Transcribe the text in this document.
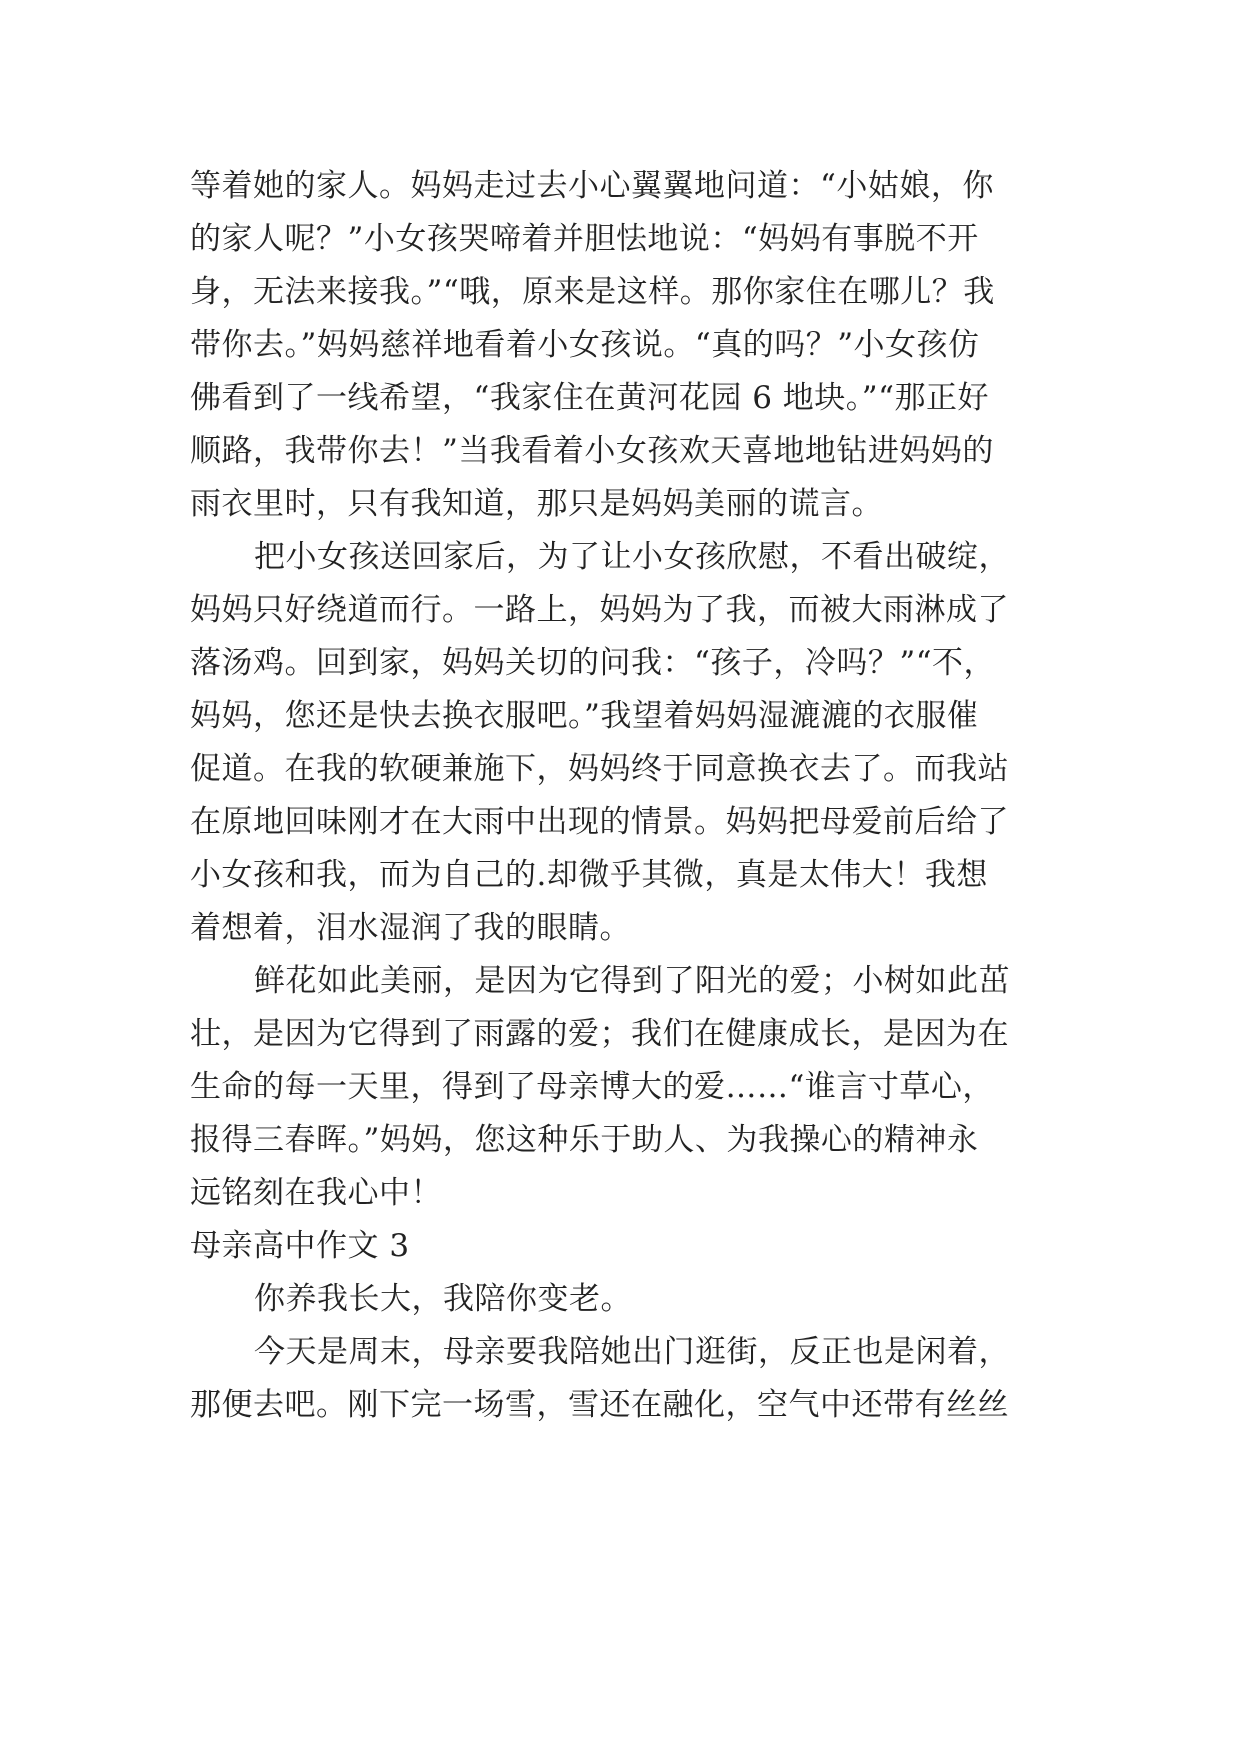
等着她的家人。妈妈走过去小心翼翼地问道：“小姑娘，你
的家人呢？”小女孩哭啼着并胆怯地说：“妈妈有事脱不开
身，无法来接我。”“哦，原来是这样。那你家住在哪儿？我
带你去。”妈妈慈祥地看着小女孩说。“真的吗？”小女孩仿
佛看到了一线希望，“我家住在黄河花园 6 地块。”“那正好
顺路，我带你去！”当我看着小女孩欢天喜地地钻进妈妈的
雨衣里时，只有我知道，那只是妈妈美丽的谎言。
把小女孩送回家后，为了让小女孩欣慰，不看出破绽，
妈妈只好绕道而行。一路上，妈妈为了我，而被大雨淋成了
落汤鸡。回到家，妈妈关切的问我：“孩子，冷吗？”“不，
妈妈，您还是快去换衣服吧。”我望着妈妈湿漉漉的衣服催
促道。在我的软硬兼施下，妈妈终于同意换衣去了。而我站
在原地回味刚才在大雨中出现的情景。妈妈把母爱前后给了
小女孩和我，而为自己的.却微乎其微，真是太伟大！我想
着想着，泪水湿润了我的眼睛。
鲜花如此美丽，是因为它得到了阳光的爱；小树如此茁
壮，是因为它得到了雨露的爱；我们在健康成长，是因为在
生命的每一天里，得到了母亲博大的爱……“谁言寸草心，
报得三春晖。”妈妈，您这种乐于助人、为我操心的精神永
远铭刻在我心中！
母亲高中作文 3
你养我长大，我陪你变老。
今天是周末，母亲要我陪她出门逛街，反正也是闲着，
那便去吧。刚下完一场雪，雪还在融化，空气中还带有丝丝
